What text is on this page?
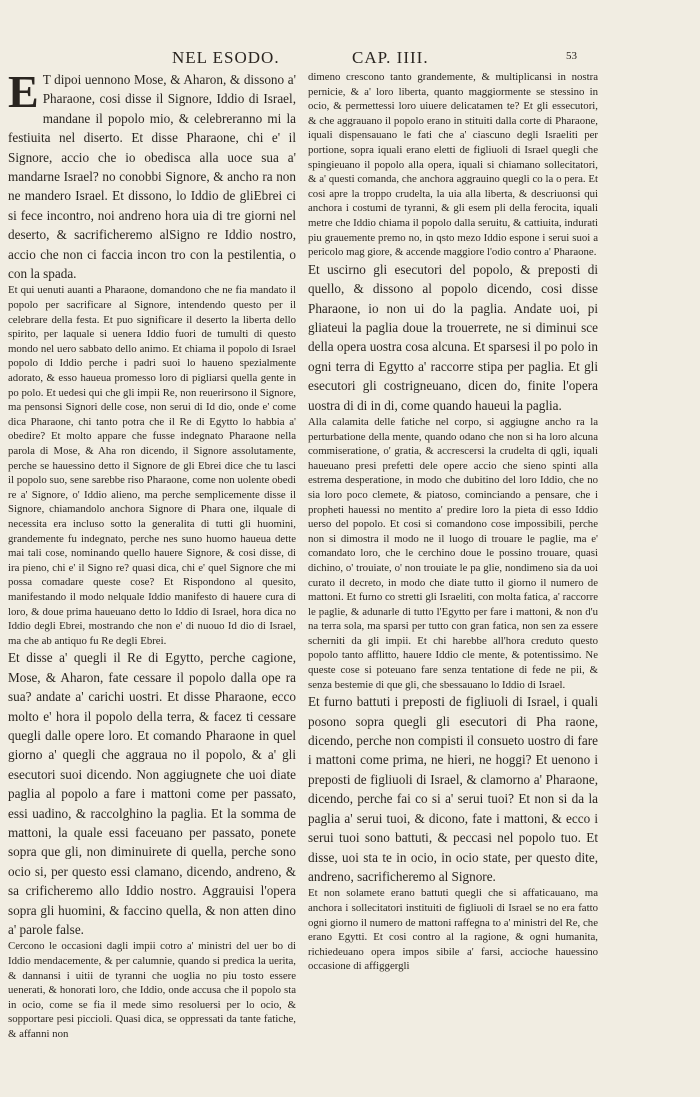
NEL ESODO.	CAP. IIII.	53

E T dipoi uennono Mose, & Aharon, & dissono a' Pharaone, cosi disse il Signore, Iddio di Israel, mandane il popolo mio, & celebreranno mi la festiuita nel diserto. Et disse Pharaone, chi e' il Signore, accio che io obedisca alla uoce sua a' mandarne Israel? no conobbi Signore, & ancho ra non ne mandero Israel. Et dissono, lo Iddio de gliEbrei ci si fece incontro, noi andreno hora uia di tre giorni nel deserto, & sacrificheremo alSigno re Iddio nostro, accio che non ci faccia incon tro con la pestilentia, o con la spada.

Et qui uenuti auanti a Pharaone, domandono che ne fia mandato il popolo per sacrificare al Signore, intendendo questo per il celebrare della festa. Et puo significare il deserto la liberta dello spirito, per laquale si uenera Iddio fuori de tumulti di questo mondo nel uero sabbato dello animo. Et chiama il popolo di Israel popolo di Iddio perche i padri suoi lo haueno spezialmente adorato, & esso haueua promesso loro di pigliarsi quella gente in po polo. Et uedesi qui che gli impii Re, non reuerirsono il Signore, ma pensonsi Signori delle cose, non serui di Id dio, onde e' come dica Pharaone, chi tanto potra che il Re di Egytto lo habbia a' obedire? Et molto appare che fusse indegnato Pharaone nella parola di Mose, & Aha ron dicendo, il Signore assolutamente, perche se hauessino detto il Signore de gli Ebrei dice che tu lasci il popolo suo, sene sarebbe riso Pharaone, come non uolente obedi re a' Signore, o' Iddio alieno, ma perche semplicemente disse il Signore, chiamandolo anchora Signore di Phara one, ilquale di necessita era incluso sotto la generalita di tutti gli huomini, grandemente fu indegnato, perche nes suno huomo haueua dette mai tali cose, nominando quello hauere Signore, & cosi disse, di ira pieno, chi e' il Signo re? quasi dica, chi e' quel Signore che mi possa comadare queste cose? Et Rispondono al quesito, manifestando il modo nelquale Iddio manifesto di hauere cura di loro, & doue prima haueuano detto lo Iddio di Israel, hora dica no Iddio degli Ebrei, mostrando che non e' di nuouo Id dio di Israel, ma che ab antiquo fu Re degli Ebrei.

Et disse a' quegli il Re di Egytto, perche cagione, Mose, & Aharon, fate cessare il popolo dalla ope ra sua? andate a' carichi uostri. Et disse Pharaone, ecco molto e' hora il popolo della terra, & facez ti cessare quegli dalle opere loro. Et comando Pharaone in quel giorno a' quegli che aggraua no il popolo, & a' gli esecutori suoi dicendo. Non aggiugnete che uoi diate paglia al popolo a fare i mattoni come per passato, essi uadino, & raccolghino la paglia. Et la somma de mattoni, la quale essi faceuano per passato, ponete sopra que gli, non diminuirete di quella, perche sono ocio si, per questo essi clamano, dicendo, andreno, & sa crificheremo allo Iddio nostro. Aggrauisi l'opera sopra gli huomini, & faccino quella, & non atten dino a' parole false.

Cercono le occasioni dagli impii cotro a' ministri del uer bo di Iddio mendacemente, & per calumnie, quando si predica la uerita, & dannansi i uitii de tyranni che uoglia no piu tosto essere uenerati, & honorati loro, che Iddio, onde accusa che il popolo sta in ocio, come se fia il mede simo resoluersi per lo ocio, & sopportare pesi piccioli. Quasi dica, se oppressati da tante fatiche, & affanni non

dimeno crescono tanto grandemente, & multiplicansi in nostra pernicie, & a' loro liberta, quanto maggiormente se stessino in ocio, & permettessi loro uiuere delicatamen te? Et gli essecutori, & che aggrauano il popolo erano in stituiti dalla corte di Pharaone, iquali dispensauano le fati che a' ciascuno degli Israeliti per portione, sopra iquali erano eletti de figliuoli di Israel quegli che spingieuano il popolo alla opera, iquali si chiamano sollecitatori, & a' questi comanda, che anchora aggrauino quegli co la o pera. Et cosi apre la troppo crudelta, la uia alla liberta, & descriuonsi qui anchora i costumi de tyranni, & gli esem pli della ferocita, iquali metre che Iddio chiama il popolo dalla seruitu, & cattiuita, indurati piu grauemente premo no, in qsto mezo Iddio espone i serui suoi a pericolo mag giore, & accende maggiore l'odio contro a' Pharaone.

Et uscirno gli esecutori del popolo, & preposti di quello, & dissono al popolo dicendo, cosi disse Pharaone, io non ui do la paglia. Andate uoi, pi gliateui la paglia doue la trouerrete, ne si diminui sce della opera uostra cosa alcuna. Et sparsesi il po polo in ogni terra di Egytto a' raccorre stipa per paglia. Et gli esecutori gli costrigneuano, dicen do, finite l'opera uostra di di in di, come quando haueui la paglia.

Alla calamita delle fatiche nel corpo, si aggiugne ancho ra la perturbatione della mente, quando odano che non si ha loro alcuna commiseratione, o' gratia, & accrescersi la crudelta di qgli, iquali haueuano presi prefetti dele opere accio che sieno spinti alla estrema desperatione, in modo che dubitino del loro Iddio, che no sia loro poco clemete, & piatoso, cominciando a pensare, che i propheti hauessi no mentito a' predire loro la pieta di esso Iddio uerso del popolo. Et cosi si comandono cose impossibili, perche non si dimostra il modo ne il luogo di trouare le paglie, ma e' comandato loro, che le cerchino doue le possino trouare, quasi dichino, o' trouiate, o' non trouiate le pa glie, nondimeno sia da uoi curato il decreto, in modo che diate tutto il giorno il numero de mattoni. Et furno co stretti gli Israeliti, con molta fatica, a' raccorre le paglie, & adunarle di tutto l'Egytto per fare i mattoni, & non d'u na terra sola, ma sparsi per tutto con gran fatica, non sen za essere scherniti da gli impii. Et chi harebbe all'hora creduto questo popolo tanto afflitto, hauere Iddio cle mente, & potentissimo. Ne queste cose si poteuano fare senza tentatione di fede ne pii, & senza bestemie di que gli, che sbessauano lo Iddio di Israel.

Et furno battuti i preposti de figliuoli di Israel, i quali posono sopra quegli gli esecutori di Pha raone, dicendo, perche non compisti il consueto uostro di fare i mattoni come prima, ne hieri, ne hoggi? Et uenono i preposti de figliuoli di Israel, & clamorno a' Pharaone, dicendo, perche fai co si a' serui tuoi? Et non si da la paglia a' serui tuoi, & dicono, fate i mattoni, & ecco i serui tuoi sono battuti, & peccasi nel popolo tuo. Et disse, uoi sta te in ocio, in ocio state, per questo dite, andreno, sacrificheremo al Signore.

Et non solamete erano battuti quegli che si affaticauano, ma anchora i sollecitatori instituiti de figliuoli di Israel se no era fatto ogni giorno il numero de mattoni raffegna to a' ministri del Re, che erano Egytti. Et cosi contro al la ragione, & ogni humanita, richiedeuano opera impos sibile a' farsi, accioche hauessino occasione di affiggergli
